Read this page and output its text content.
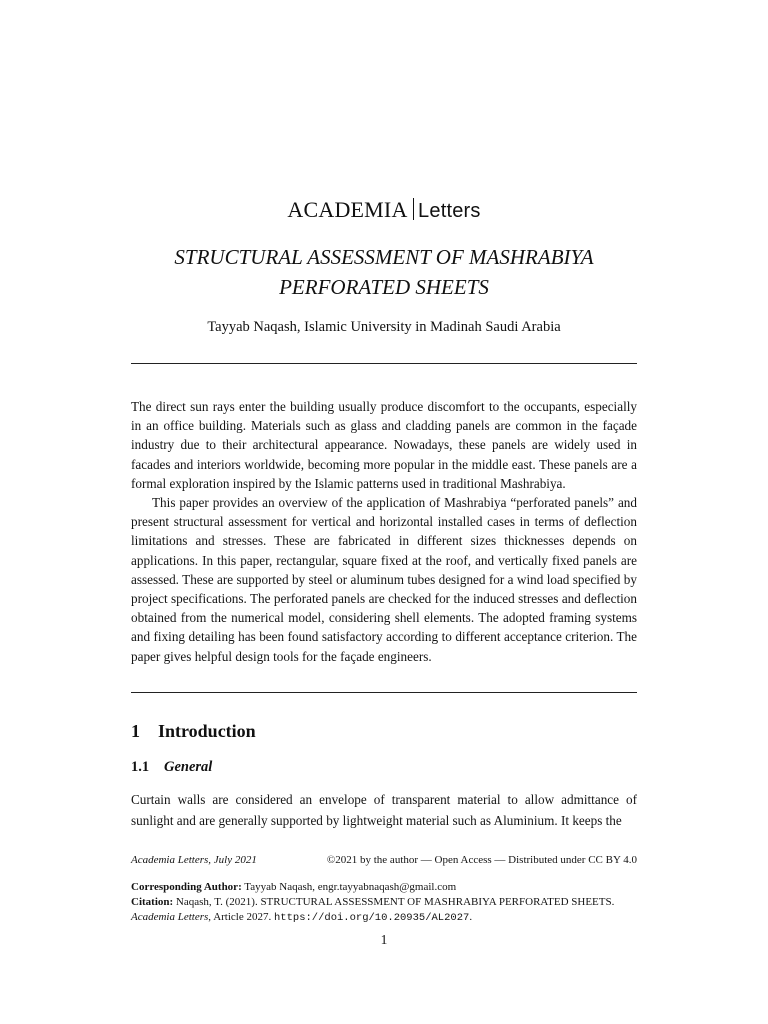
ACADEMIA Letters
STRUCTURAL ASSESSMENT OF MASHRABIYA
PERFORATED SHEETS
Tayyab Naqash, Islamic University in Madinah Saudi Arabia

The direct sun rays enter the building usually produce discomfort to the occupants, especially in an office building. Materials such as glass and cladding panels are common in the façade industry due to their architectural appearance. Nowadays, these panels are widely used in facades and interiors worldwide, becoming more popular in the middle east. These panels are a formal exploration inspired by the Islamic patterns used in traditional Mashrabiya.

This paper provides an overview of the application of Mashrabiya “perforated panels” and present structural assessment for vertical and horizontal installed cases in terms of deflection limitations and stresses. These are fabricated in different sizes thicknesses depends on applications. In this paper, rectangular, square fixed at the roof, and vertically fixed panels are assessed. These are supported by steel or aluminum tubes designed for a wind load specified by project specifications. The perforated panels are checked for the induced stresses and deflection obtained from the numerical model, considering shell elements. The adopted framing systems and fixing detailing has been found satisfactory according to different acceptance criterion. The paper gives helpful design tools for the façade engineers.

1 Introduction
1.1 General

Curtain walls are considered an envelope of transparent material to allow admittance of sunlight and are generally supported by lightweight material such as Aluminium. It keeps the

Academia Letters, July 2021	©2021 by the author — Open Access — Distributed under CC BY 4.0
Corresponding Author: Tayyab Naqash, engr.tayyabnaqash@gmail.com
Citation: Naqash, T. (2021). STRUCTURAL ASSESSMENT OF MASHRABIYA PERFORATED SHEETS.
Academia Letters, Article 2027. https://doi.org/10.20935/AL2027.
1
